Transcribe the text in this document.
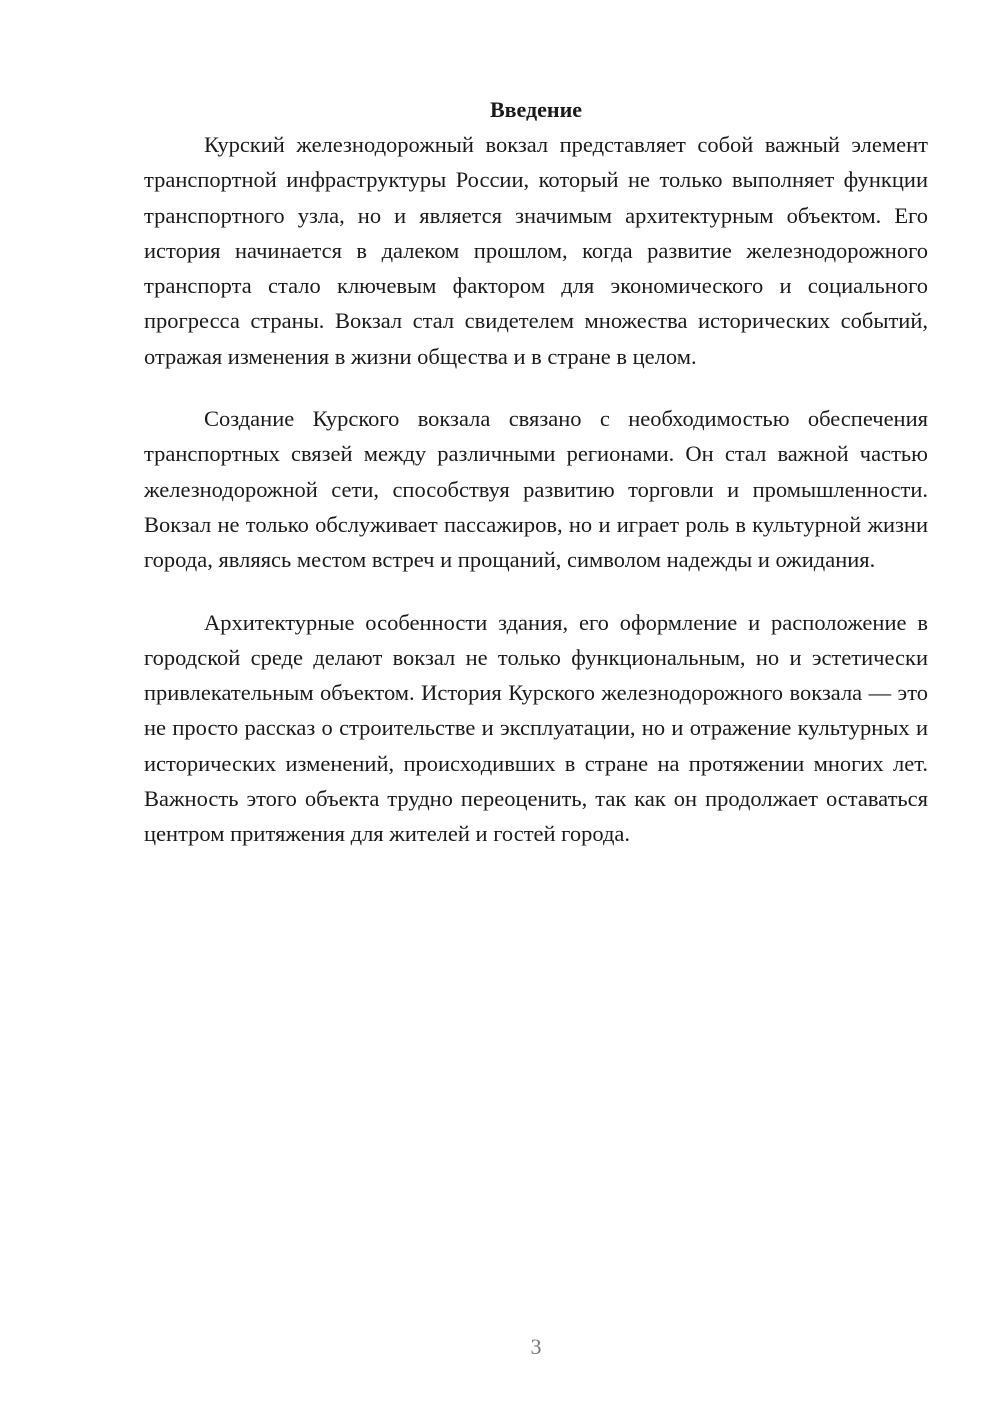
Введение

Курский железнодорожный вокзал представляет собой важный элемент транспортной инфраструктуры России, который не только выполняет функции транспортного узла, но и является значимым архитектурным объектом. Его история начинается в далеком прошлом, когда развитие железнодорожного транспорта стало ключевым фактором для экономического и социального прогресса страны. Вокзал стал свидетелем множества исторических событий, отражая изменения в жизни общества и в стране в целом.

Создание Курского вокзала связано с необходимостью обеспечения транспортных связей между различными регионами. Он стал важной частью железнодорожной сети, способствуя развитию торговли и промышленности. Вокзал не только обслуживает пассажиров, но и играет роль в культурной жизни города, являясь местом встреч и прощаний, символом надежды и ожидания.

Архитектурные особенности здания, его оформление и расположение в городской среде делают вокзал не только функциональным, но и эстетически привлекательным объектом. История Курского железнодорожного вокзала — это не просто рассказ о строительстве и эксплуатации, но и отражение культурных и исторических изменений, происходивших в стране на протяжении многих лет. Важность этого объекта трудно переоценить, так как он продолжает оставаться центром притяжения для жителей и гостей города.

3
